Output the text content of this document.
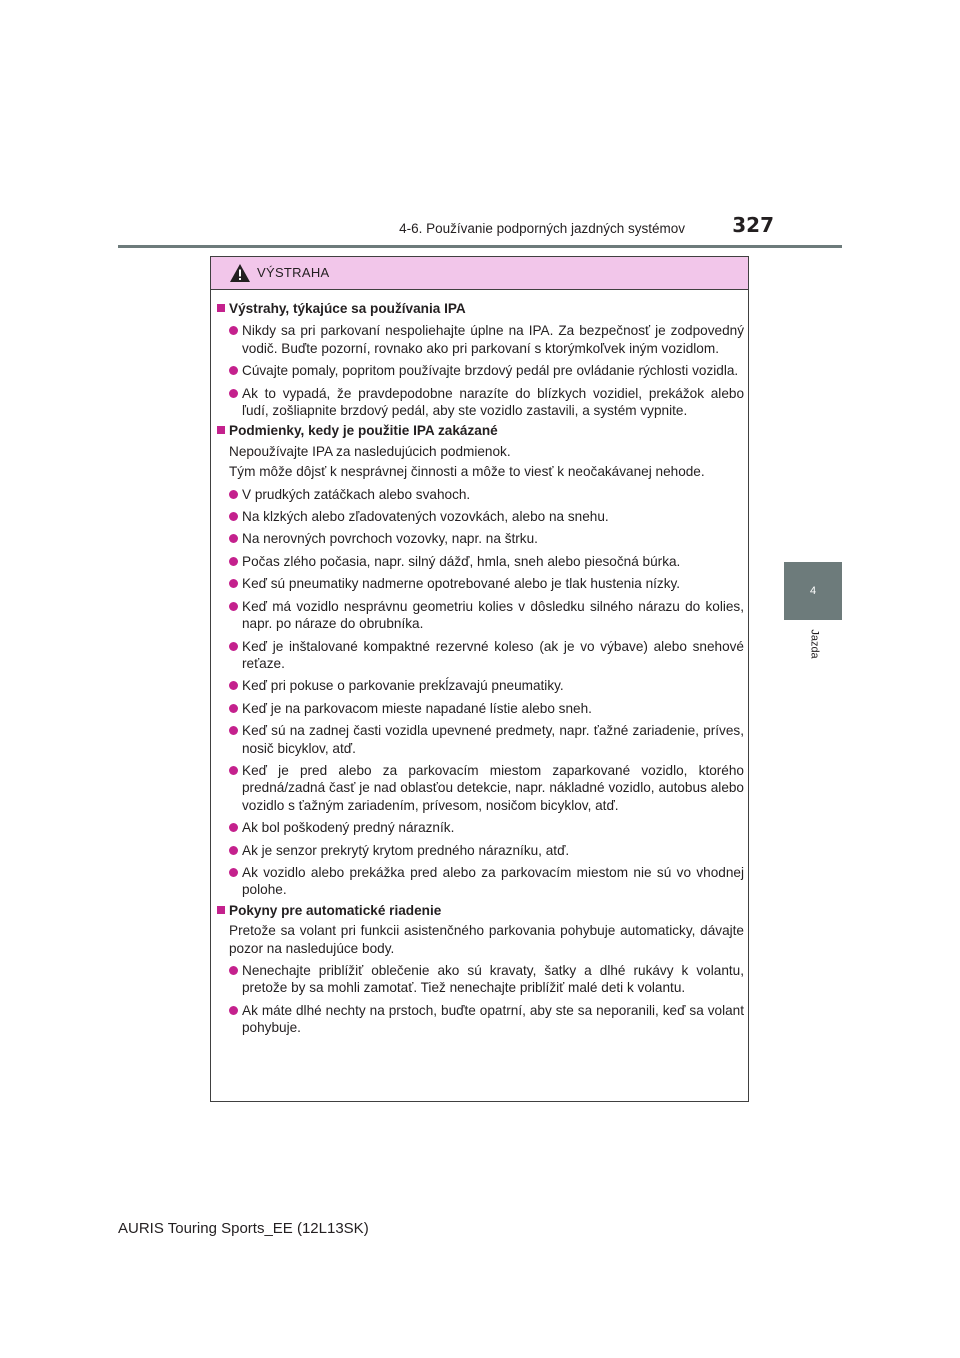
4-6. Používanie podporných jazdných systémov	327
4
Jazda
VÝSTRAHA
Výstrahy, týkajúce sa používania IPA
Nikdy sa pri parkovaní nespoliehajte úplne na IPA. Za bezpečnosť je zodpovedný vodič. Buďte pozorní, rovnako ako pri parkovaní s ktorýmkoľvek iným vozidlom.
Cúvajte pomaly, popritom používajte brzdový pedál pre ovládanie rýchlosti vozidla.
Ak to vypadá, že pravdepodobne narazíte do blízkych vozidiel, prekážok alebo ľudí, zošliapnite brzdový pedál, aby ste vozidlo zastavili, a systém vypnite.
Podmienky, kedy je použitie IPA zakázané
Nepoužívajte IPA za nasledujúcich podmienok.
Tým môže dôjsť k nesprávnej činnosti a môže to viesť k neočakávanej nehode.
V prudkých zatáčkach alebo svahoch.
Na klzkých alebo zľadovatených vozovkách, alebo na snehu.
Na nerovných povrchoch vozovky, napr. na štrku.
Počas zlého počasia, napr. silný dážď, hmla, sneh alebo piesočná búrka.
Keď sú pneumatiky nadmerne opotrebované alebo je tlak hustenia nízky.
Keď má vozidlo nesprávnu geometriu kolies v dôsledku silného nárazu do kolies, napr. po náraze do obrubníka.
Keď je inštalované kompaktné rezervné koleso (ak je vo výbave) alebo snehové reťaze.
Keď pri pokuse o parkovanie prekĺzavajú pneumatiky.
Keď je na parkovacom mieste napadané lístie alebo sneh.
Keď sú na zadnej časti vozidla upevnené predmety, napr. ťažné zariadenie, príves, nosič bicyklov, atď.
Keď je pred alebo za parkovacím miestom zaparkované vozidlo, ktorého predná/zadná časť je nad oblasťou detekcie, napr. nákladné vozidlo, autobus alebo vozidlo s ťažným zariadením, prívesom, nosičom bicyklov, atď.
Ak bol poškodený predný nárazník.
Ak je senzor prekrytý krytom predného nárazníku, atď.
Ak vozidlo alebo prekážka pred alebo za parkovacím miestom nie sú vo vhodnej polohe.
Pokyny pre automatické riadenie
Pretože sa volant pri funkcii asistenčného parkovania pohybuje automaticky, dávajte pozor na nasledujúce body.
Nenechajte priblížiť oblečenie ako sú kravaty, šatky a dlhé rukávy k volantu, pretože by sa mohli zamotať. Tiež nenechajte priblížiť malé deti k volantu.
Ak máte dlhé nechty na prstoch, buďte opatrní, aby ste sa neporanili, keď sa volant pohybuje.
AURIS Touring Sports_EE (12L13SK)
